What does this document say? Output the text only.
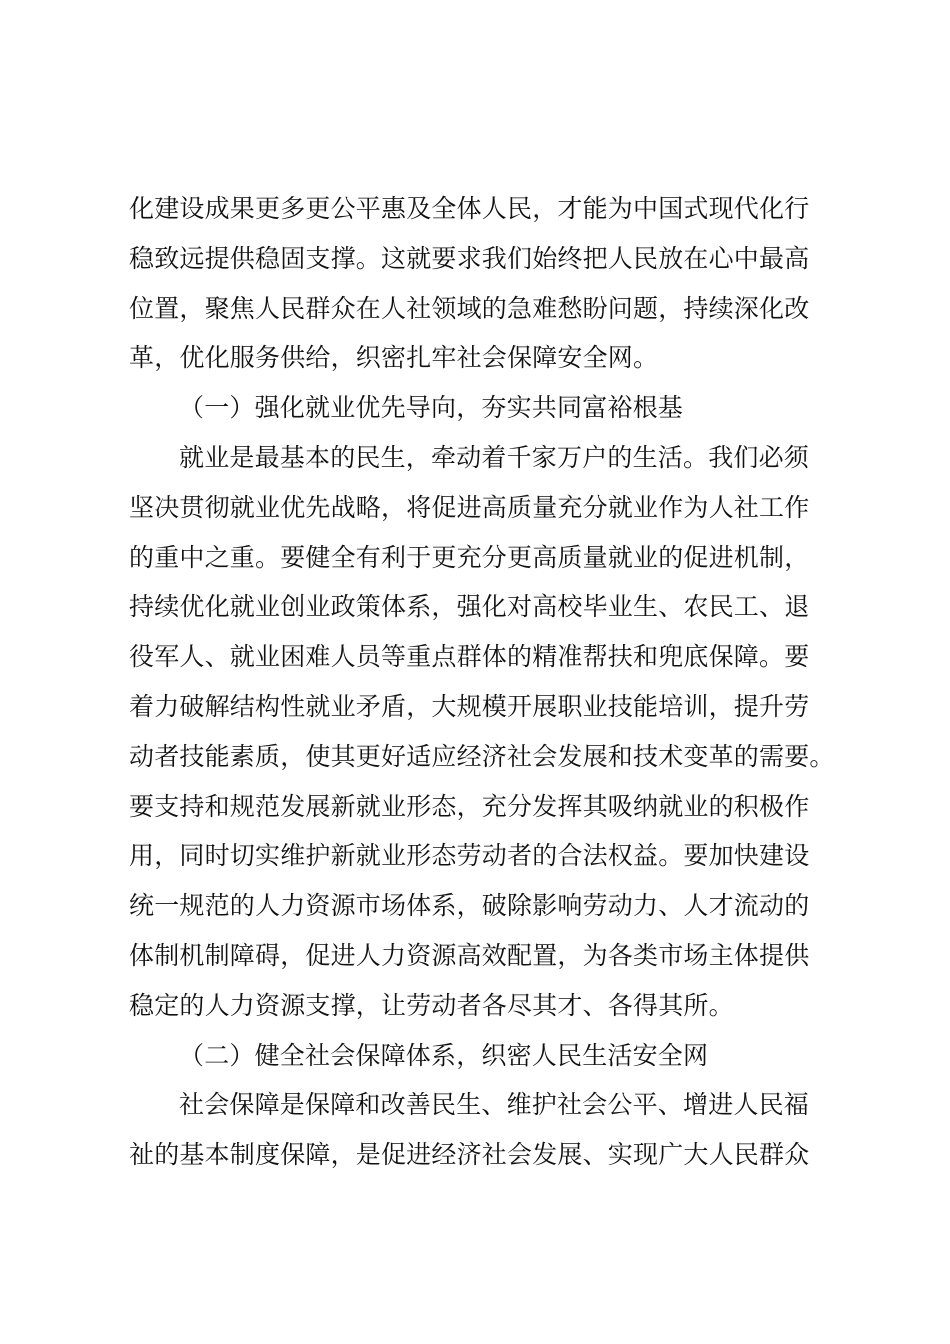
化建设成果更多更公平惠及全体人民，才能为中国式现代化行
稳致远提供稳固支撑。这就要求我们始终把人民放在心中最高
位置，聚焦人民群众在人社领域的急难愁盼问题，持续深化改
革，优化服务供给，织密扎牢社会保障安全网。
（一）强化就业优先导向，夯实共同富裕根基
就业是最基本的民生，牵动着千家万户的生活。我们必须
坚决贯彻就业优先战略，将促进高质量充分就业作为人社工作
的重中之重。要健全有利于更充分更高质量就业的促进机制，
持续优化就业创业政策体系，强化对高校毕业生、农民工、退
役军人、就业困难人员等重点群体的精准帮扶和兜底保障。要
着力破解结构性就业矛盾，大规模开展职业技能培训，提升劳
动者技能素质，使其更好适应经济社会发展和技术变革的需要。
要支持和规范发展新就业形态，充分发挥其吸纳就业的积极作
用，同时切实维护新就业形态劳动者的合法权益。要加快建设
统一规范的人力资源市场体系，破除影响劳动力、人才流动的
体制机制障碍，促进人力资源高效配置，为各类市场主体提供
稳定的人力资源支撑，让劳动者各尽其才、各得其所。
（二）健全社会保障体系，织密人民生活安全网
社会保障是保障和改善民生、维护社会公平、增进人民福
祉的基本制度保障，是促进经济社会发展、实现广大人民群众
